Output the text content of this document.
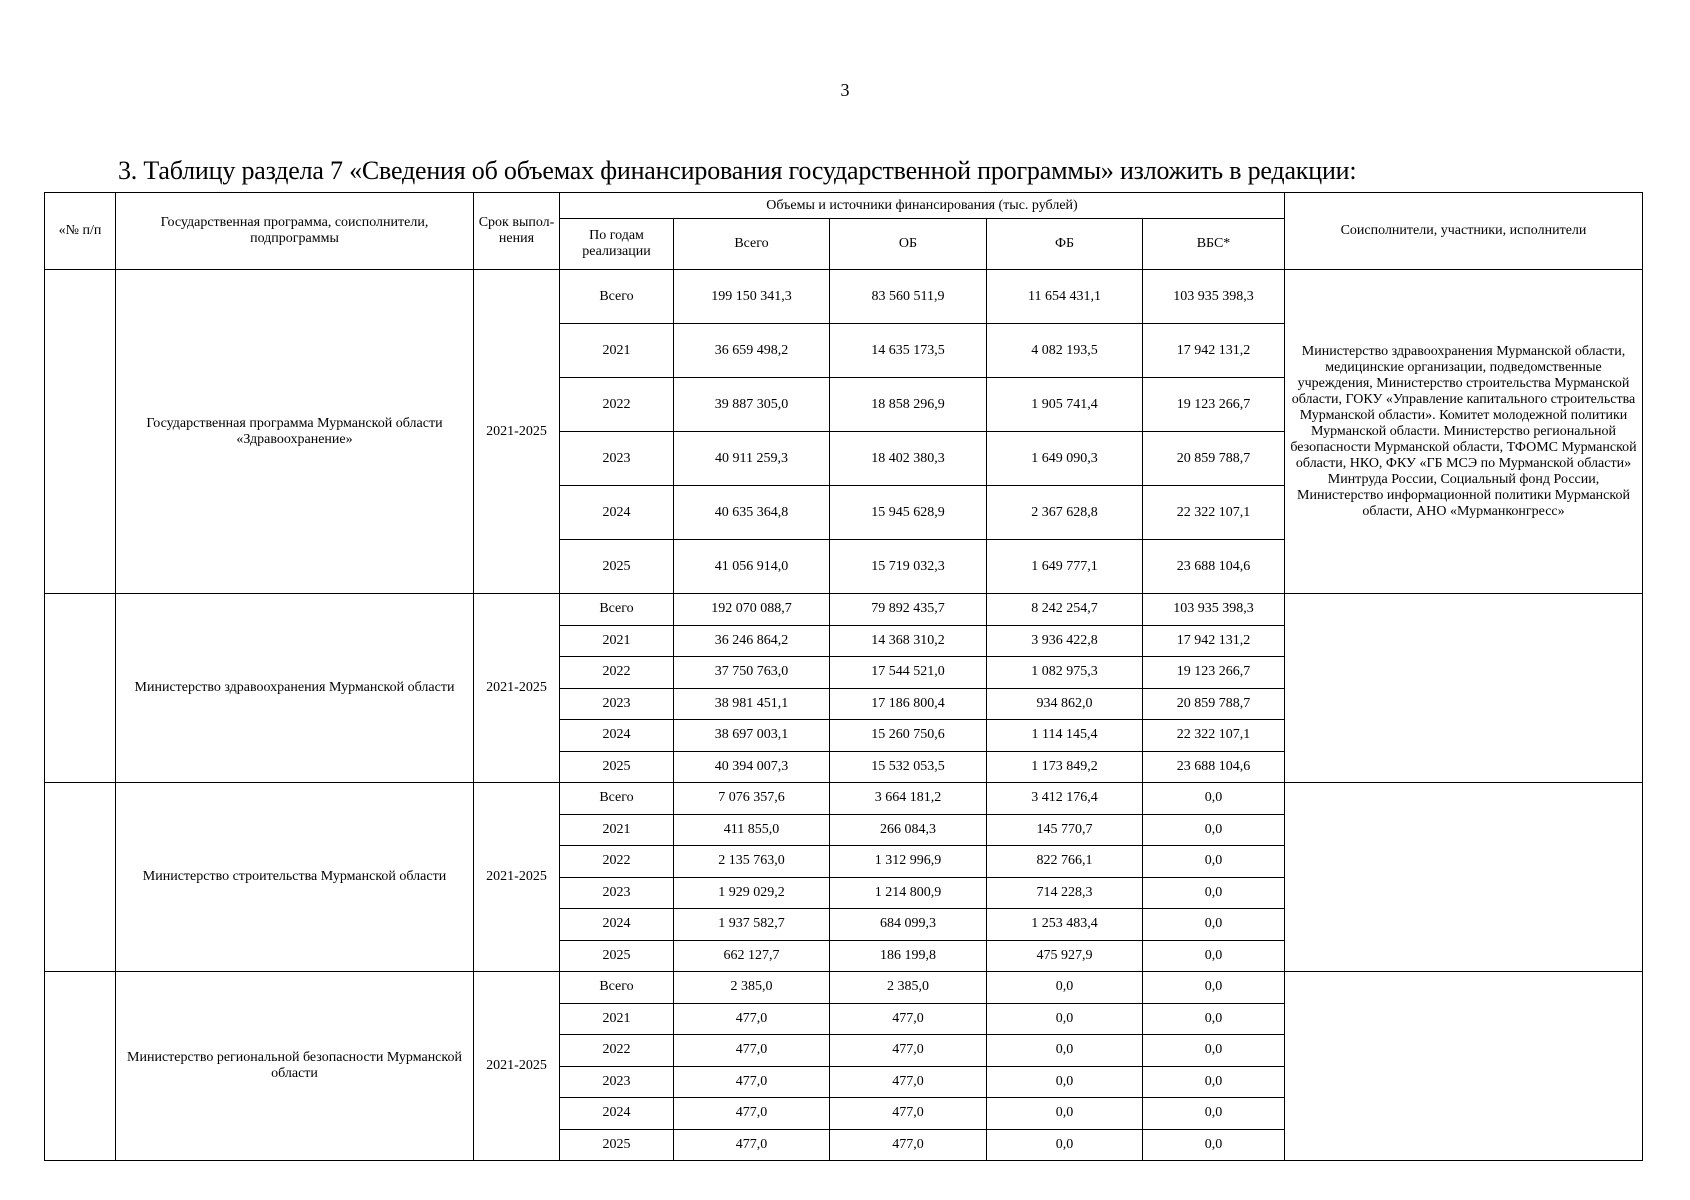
3
3. Таблицу раздела 7 «Сведения об объемах финансирования государственной программы» изложить в редакции:
«№ п/п	Государственная программа, соисполнители, подпрограммы	Срок выпол-нения	Объемы и источники финансирования (тыс. рублей)					Соисполнители, участники, исполнители
			По годам реализации	Всего	ОБ	ФБ	ВБС*	
	Государственная программа Мурманской области «Здравоохранение»	2021-2025	Всего	199 150 341,3	83 560 511,9	11 654 431,1	103 935 398,3	Министерство здравоохранения Мурманской области, медицинские организации, подведомственные учреждения, Министерство строительства Мурманской области, ГОКУ «Управление капитального строительства Мурманской области». Комитет молодежной политики Мурманской области. Министерство региональной безопасности Мурманской области, ТФОМС Мурманской области, НКО, ФКУ «ГБ МСЭ по Мурманской области» Минтруда России, Социальный фонд России, Министерство информационной политики Мурманской области, АНО «Мурманконгресс»
			2021	36 659 498,2	14 635 173,5	4 082 193,5	17 942 131,2	
			2022	39 887 305,0	18 858 296,9	1 905 741,4	19 123 266,7	
			2023	40 911 259,3	18 402 380,3	1 649 090,3	20 859 788,7	
			2024	40 635 364,8	15 945 628,9	2 367 628,8	22 322 107,1	
			2025	41 056 914,0	15 719 032,3	1 649 777,1	23 688 104,6	
	Министерство здравоохранения Мурманской области	2021-2025	Всего	192 070 088,7	79 892 435,7	8 242 254,7	103 935 398,3	
			2021	36 246 864,2	14 368 310,2	3 936 422,8	17 942 131,2	
			2022	37 750 763,0	17 544 521,0	1 082 975,3	19 123 266,7	
			2023	38 981 451,1	17 186 800,4	934 862,0	20 859 788,7	
			2024	38 697 003,1	15 260 750,6	1 114 145,4	22 322 107,1	
			2025	40 394 007,3	15 532 053,5	1 173 849,2	23 688 104,6	
	Министерство строительства Мурманской области	2021-2025	Всего	7 076 357,6	3 664 181,2	3 412 176,4	0,0	
			2021	411 855,0	266 084,3	145 770,7	0,0	
			2022	2 135 763,0	1 312 996,9	822 766,1	0,0	
			2023	1 929 029,2	1 214 800,9	714 228,3	0,0	
			2024	1 937 582,7	684 099,3	1 253 483,4	0,0	
			2025	662 127,7	186 199,8	475 927,9	0,0	
	Министерство региональной безопасности Мурманской области	2021-2025	Всего	2 385,0	2 385,0	0,0	0,0	
			2021	477,0	477,0	0,0	0,0	
			2022	477,0	477,0	0,0	0,0	
			2023	477,0	477,0	0,0	0,0	
			2024	477,0	477,0	0,0	0,0	
			2025	477,0	477,0	0,0	0,0	
